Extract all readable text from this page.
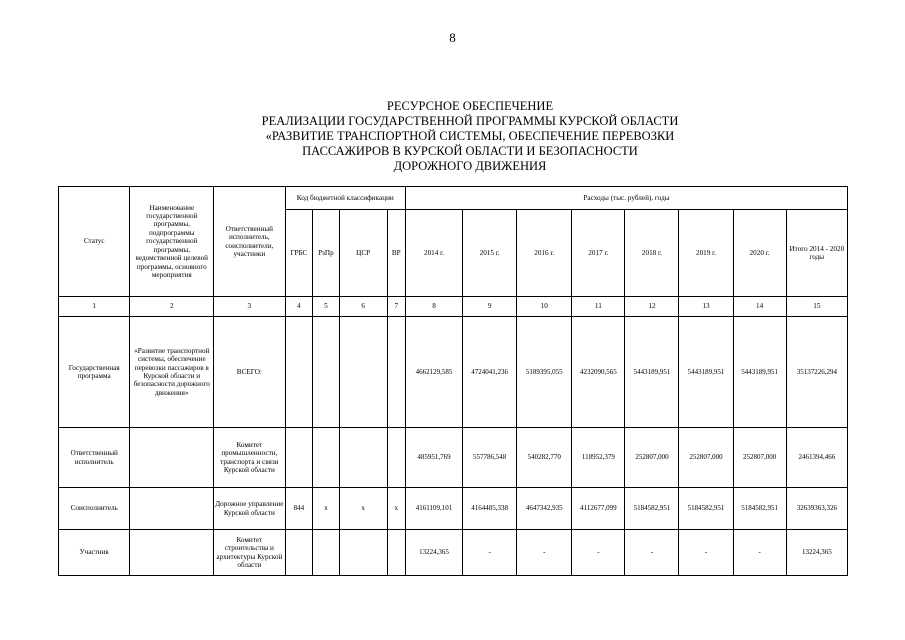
8
РЕСУРСНОЕ ОБЕСПЕЧЕНИЕ
РЕАЛИЗАЦИИ ГОСУДАРСТВЕННОЙ ПРОГРАММЫ КУРСКОЙ ОБЛАСТИ
«РАЗВИТИЕ ТРАНСПОРТНОЙ СИСТЕМЫ, ОБЕСПЕЧЕНИЕ ПЕРЕВОЗКИ
ПАССАЖИРОВ В КУРСКОЙ ОБЛАСТИ И БЕЗОПАСНОСТИ
ДОРОЖНОГО ДВИЖЕНИЯ
Статус	Наименование государственной программы, подпрограммы государственной программы, ведомственной целевой программы, основного мероприятия	Ответственный исполнитель, соисполнители, участники	Код бюджетной классификации				Расходы (тыс. рублей), годы							
			ГРБС	РзПр	ЦСР	ВР	2014 г.	2015 г.	2016 г.	2017 г.	2018 г.	2019 г.	2020 г.	Итого 2014 - 2020 годы
1	2	3	4	5	6	7	8	9	10	11	12	13	14	15
Государственная программа	«Развитие транспортной системы, обеспечение перевозки пассажиров в Курской области и безопасности дорожного движения»	ВСЕГО:					4662129,585	4724041,236	5189395,055	4232090,565	5443189,951	5443189,951	5443189,951	35137226,294
Ответственный исполнитель		Комитет промышленности, транспорта и связи Курской области					485951,769	557786,548	540282,770	118952,379	252807,000	252807,000	252807,000	2461394,466
Соисполнитель		Дорожное управление Курской области	844	х	х	х	4161109,101	4164485,338	4647342,935	4112677,099	5184582,951	5184582,951	5184582,951	32639363,326
Участник		Комитет строительства и архитектуры Курской области					13224,365	-	-	-	-	-	-	13224,365
